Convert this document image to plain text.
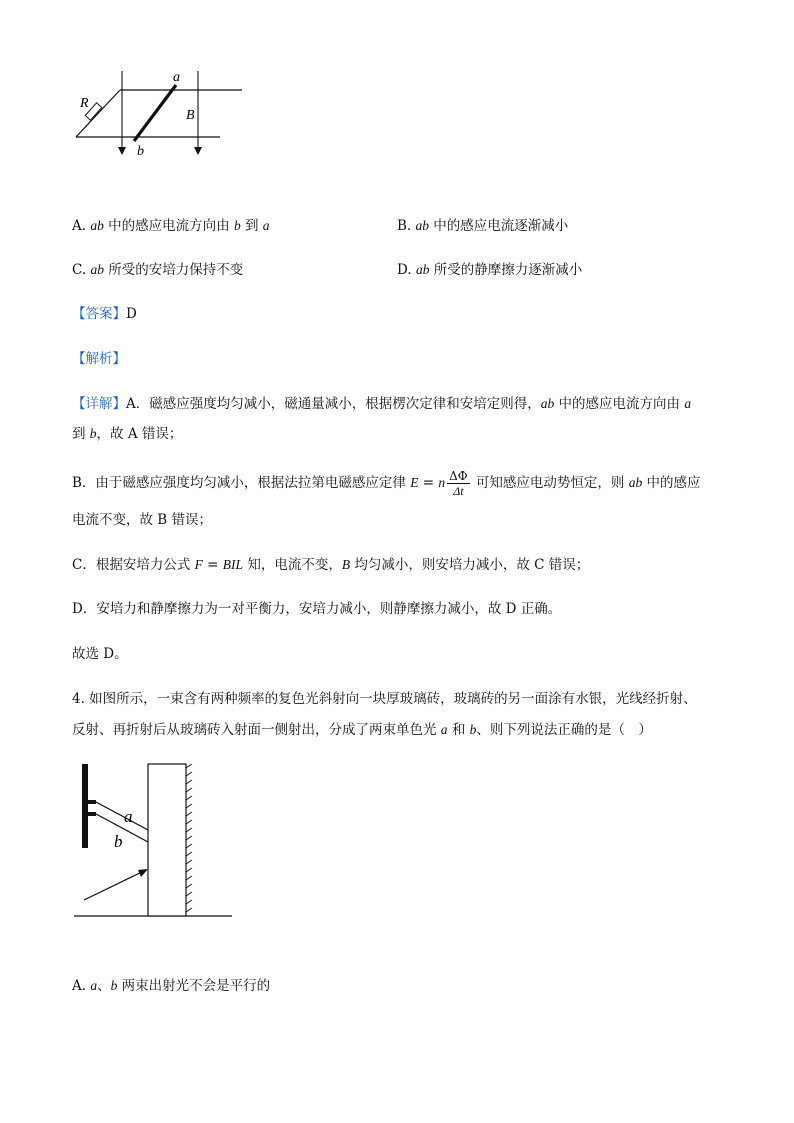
a
b
R
B
A. ab 中的感应电流方向由 b 到 a	B. ab 中的感应电流逐渐减小
C. ab 所受的安培力保持不变	D. ab 所受的静摩擦力逐渐减小
【答案】D
【解析】
【详解】A．磁感应强度均匀减小，磁通量减小，根据楞次定律和安培定则得，ab 中的感应电流方向由 a
到 b，故 A 错误；
B．由于磁感应强度均匀减小，根据法拉第电磁感应定律 E = n $\frac{\Delta\Phi}{\Delta t}$ 可知感应电动势恒定，则 ab 中的感应
电流不变，故 B 错误；
C．根据安培力公式 F = BIL 知，电流不变，B 均匀减小，则安培力减小，故 C 错误；
D．安培力和静摩擦力为一对平衡力，安培力减小，则静摩擦力减小，故 D 正确。
故选 D。
4. 如图所示，一束含有两种频率的复色光斜射向一块厚玻璃砖，玻璃砖的另一面涂有水银，光线经折射、
反射、再折射后从玻璃砖入射面一侧射出，分成了两束单色光 a 和 b、则下列说法正确的是（　）
a
b
A. a、b 两束出射光不会是平行的
